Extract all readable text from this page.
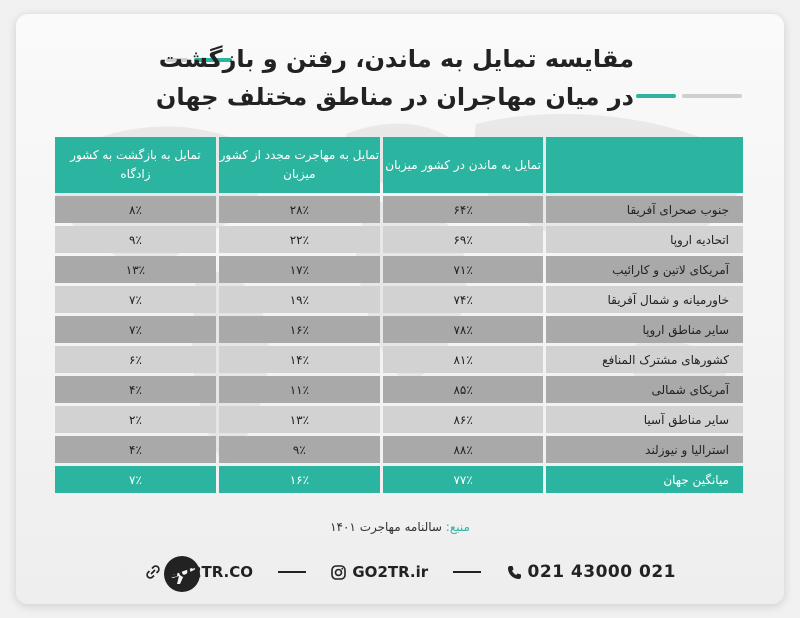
مقایسه تمایل به ماندن، رفتن و بازگشت
در میان مهاجران در مناطق مختلف جهان
	تمایل به ماندن در کشور میزبان	تمایل به مهاجرت مجدد از کشور میزبان	تمایل به بازگشت به کشور زادگاه
جنوب صحرای آفریقا	۶۴٪	۲۸٪	۸٪
اتحادیه اروپا	۶۹٪	۲۲٪	۹٪
آمریکای لاتین و کارائیب	۷۱٪	۱۷٪	۱۳٪
خاورمیانه و شمال آفریقا	۷۴٪	۱۹٪	۷٪
سایر مناطق اروپا	۷۸٪	۱۶٪	۷٪
کشورهای مشترک المنافع	۸۱٪	۱۴٪	۶٪
آمریکای شمالی	۸۵٪	۱۱٪	۴٪
سایر مناطق آسیا	۸۶٪	۱۳٪	۲٪
استرالیا و نیوزلند	۸۸٪	۹٪	۴٪
میانگین جهان	۷۷٪	۱۶٪	۷٪
منبع: سالنامه مهاجرت ۱۴۰۱
GO2TR.CO	GO2TR.ir	021 43000 021
